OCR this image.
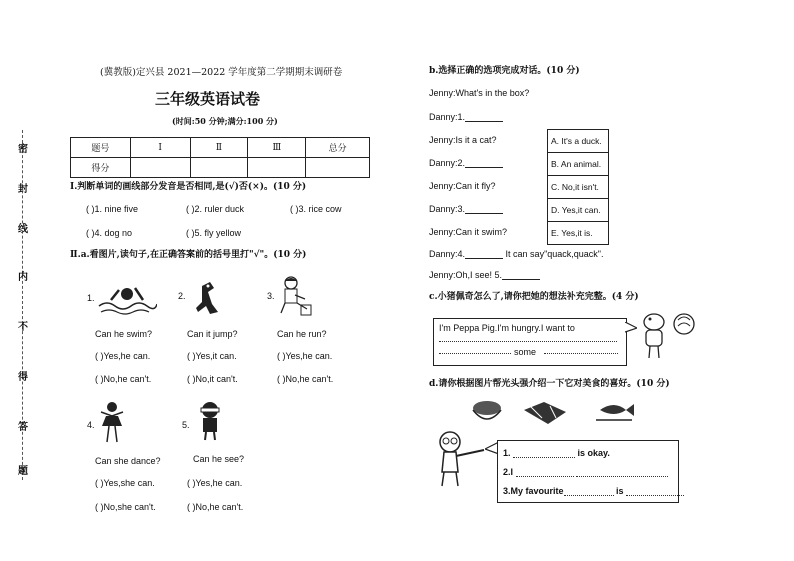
密
封
线
内
不
得
答
题
(冀教版)定兴县 2021—2022 学年度第二学期期末调研卷
三年级英语试卷
(时间:50 分钟;满分:100 分)
题号	Ⅰ	Ⅱ	Ⅲ	总分
得分				
Ⅰ.判断单词的画线部分发音是否相同,是(√)否(×)。(10 分)
( )1. nine five	( )2. ruler duck	( )3. rice cow
( )4. dog no	( )5. fly yellow
Ⅱ.a.看图片,读句子,在正确答案前的括号里打"√"。(10 分)
1.	2.	3.
Can he swim?	Can it jump?	Can he run?
( )Yes,he can.	( )Yes,it can.	( )Yes,he can.
( )No,he can't.	( )No,it can't.	( )No,he can't.
4.	5.
Can she dance?	Can he see?
( )Yes,she can.	( )Yes,he can.
( )No,she can't.	( )No,he can't.
b.选择正确的选项完成对话。(10 分)
Jenny:What's in the box?
Danny:1.
Jenny:Is it a cat?
Danny:2.
Jenny:Can it fly?
Danny:3.
Jenny:Can it swim?
Danny:4.	It can say"quack,quack".
Jenny:Oh,I see! 5.
A. It's a duck.
B. An animal.
C. No,it isn't.
D. Yes,it can.
E. Yes,it is.
c.小猪佩奇怎么了,请你把她的想法补充完整。(4 分)
I'm Peppa Pig.I'm hungry.I want to
some
d.请你根据图片帮光头强介绍一下它对美食的喜好。(10 分)
1.	is okay.
2.I
3.My favourite	is
